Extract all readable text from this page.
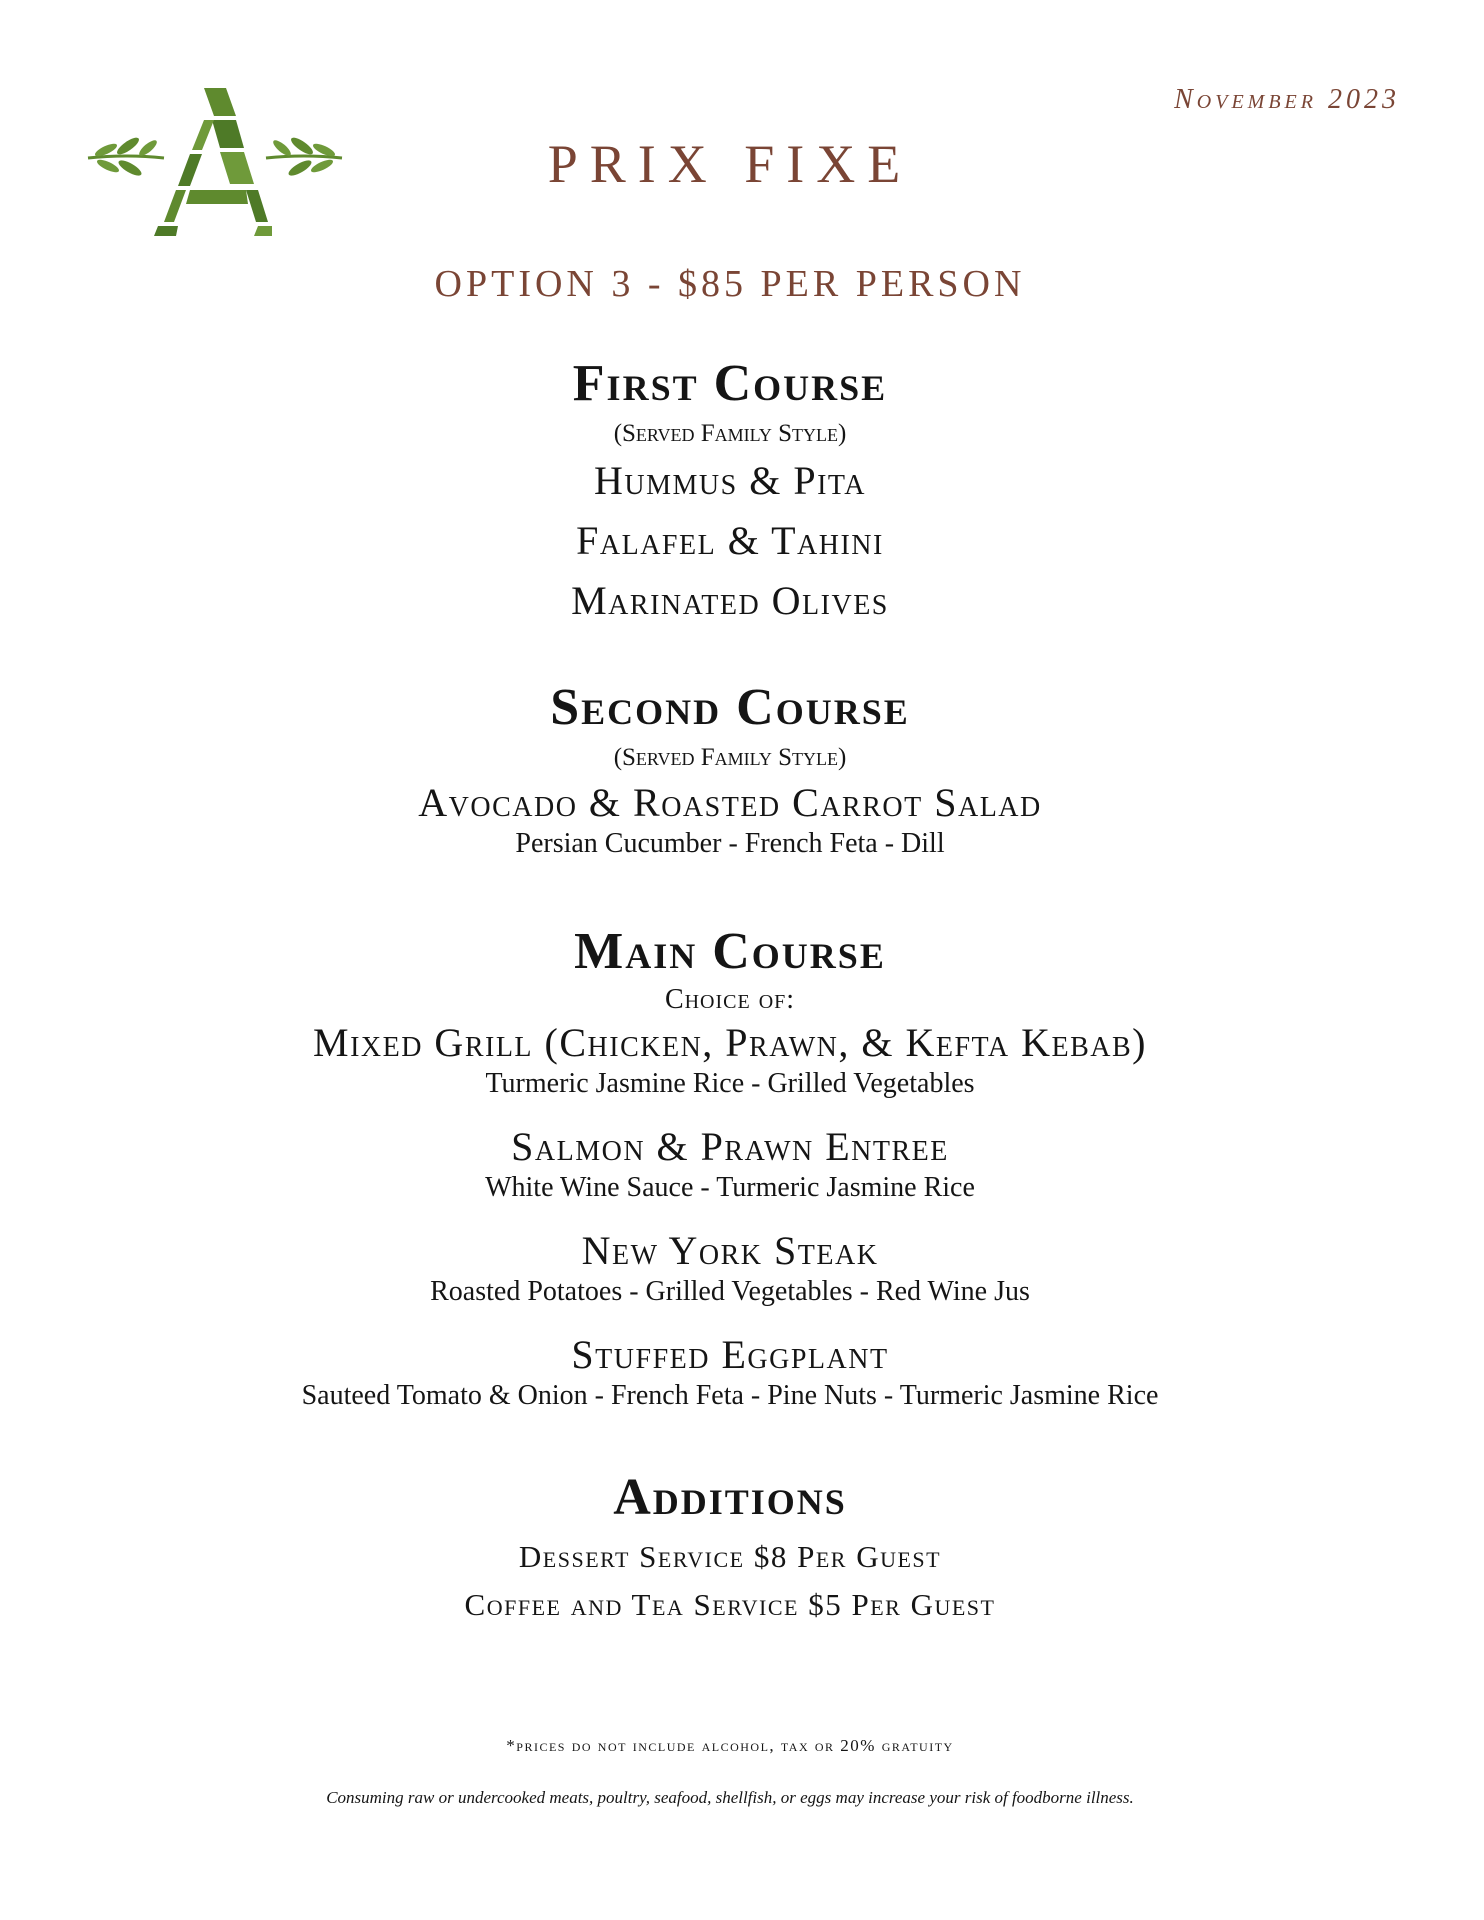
November 2023
PRIX FIXE
OPTION 3 - $85 PER PERSON
First Course
(Served Family Style)
Hummus & Pita
Falafel & Tahini
Marinated Olives
Second Course
(Served Family Style)
Avocado & Roasted Carrot Salad
Persian Cucumber - French Feta - Dill
Main Course
Choice of:
Mixed Grill (Chicken, Prawn, & Kefta Kebab)
Turmeric Jasmine Rice - Grilled Vegetables
Salmon & Prawn Entree
White Wine Sauce - Turmeric Jasmine Rice
New York Steak
Roasted Potatoes - Grilled Vegetables - Red Wine Jus
Stuffed Eggplant
Sauteed Tomato & Onion - French Feta - Pine Nuts - Turmeric Jasmine Rice
Additions
Dessert Service $8 Per Guest
Coffee and Tea Service $5 Per Guest
*prices do not include alcohol, tax or 20% gratuity
Consuming raw or undercooked meats, poultry, seafood, shellfish, or eggs may increase your risk of foodborne illness.
